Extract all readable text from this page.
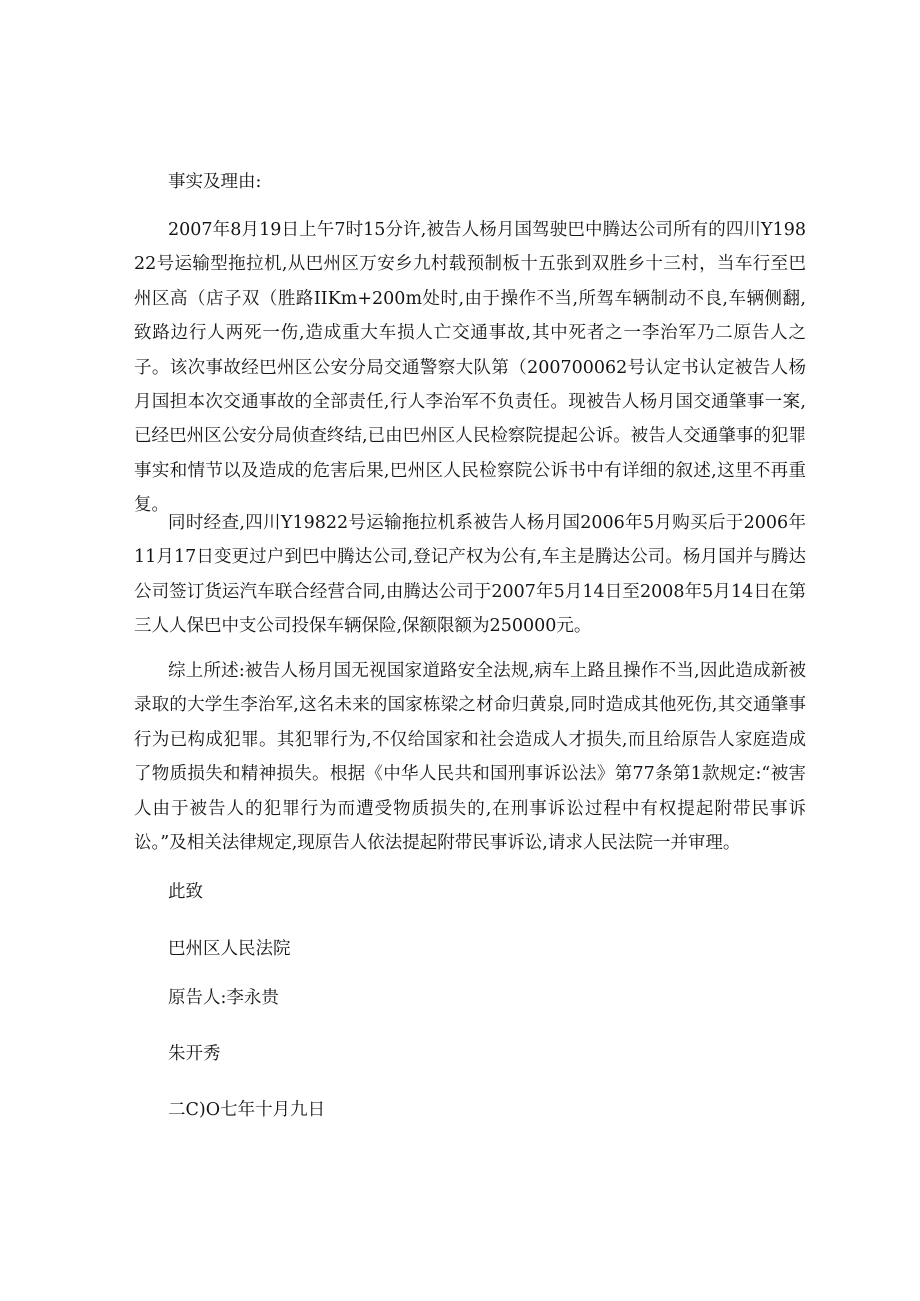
事实及理由:

2007年8月19日上午7时15分许,被告人杨月国驾驶巴中腾达公司所有的四川Y19822号运输型拖拉机,从巴州区万安乡九村载预制板十五张到双胜乡十三村，当车行至巴州区高（店子双（胜路IIKm+200m处时,由于操作不当,所驾车辆制动不良,车辆侧翻,致路边行人两死一伤,造成重大车损人亡交通事故,其中死者之一李治军乃二原告人之子。该次事故经巴州区公安分局交通警察大队第（200700062号认定书认定被告人杨月国担本次交通事故的全部责任,行人李治军不负责任。现被告人杨月国交通肇事一案,已经巴州区公安分局侦查终结,已由巴州区人民检察院提起公诉。被告人交通肇事的犯罪事实和情节以及造成的危害后果,巴州区人民检察院公诉书中有详细的叙述,这里不再重复。

同时经查,四川Y19822号运输拖拉机系被告人杨月国2006年5月购买后于2006年11月17日变更过户到巴中腾达公司,登记产权为公有,车主是腾达公司。杨月国并与腾达公司签订货运汽车联合经营合同,由腾达公司于2007年5月14日至2008年5月14日在第三人人保巴中支公司投保车辆保险,保额限额为250000元。

综上所述:被告人杨月国无视国家道路安全法规,病车上路且操作不当,因此造成新被录取的大学生李治军,这名未来的国家栋梁之材命归黄泉,同时造成其他死伤,其交通肇事行为已构成犯罪。其犯罪行为,不仅给国家和社会造成人才损失,而且给原告人家庭造成了物质损失和精神损失。根据《中华人民共和国刑事诉讼法》第77条第1款规定:“被害人由于被告人的犯罪行为而遭受物质损失的,在刑事诉讼过程中有权提起附带民事诉讼。”及相关法律规定,现原告人依法提起附带民事诉讼,请求人民法院一并审理。

此致
巴州区人民法院
原告人:李永贵
朱开秀
二C)O七年十月九日
